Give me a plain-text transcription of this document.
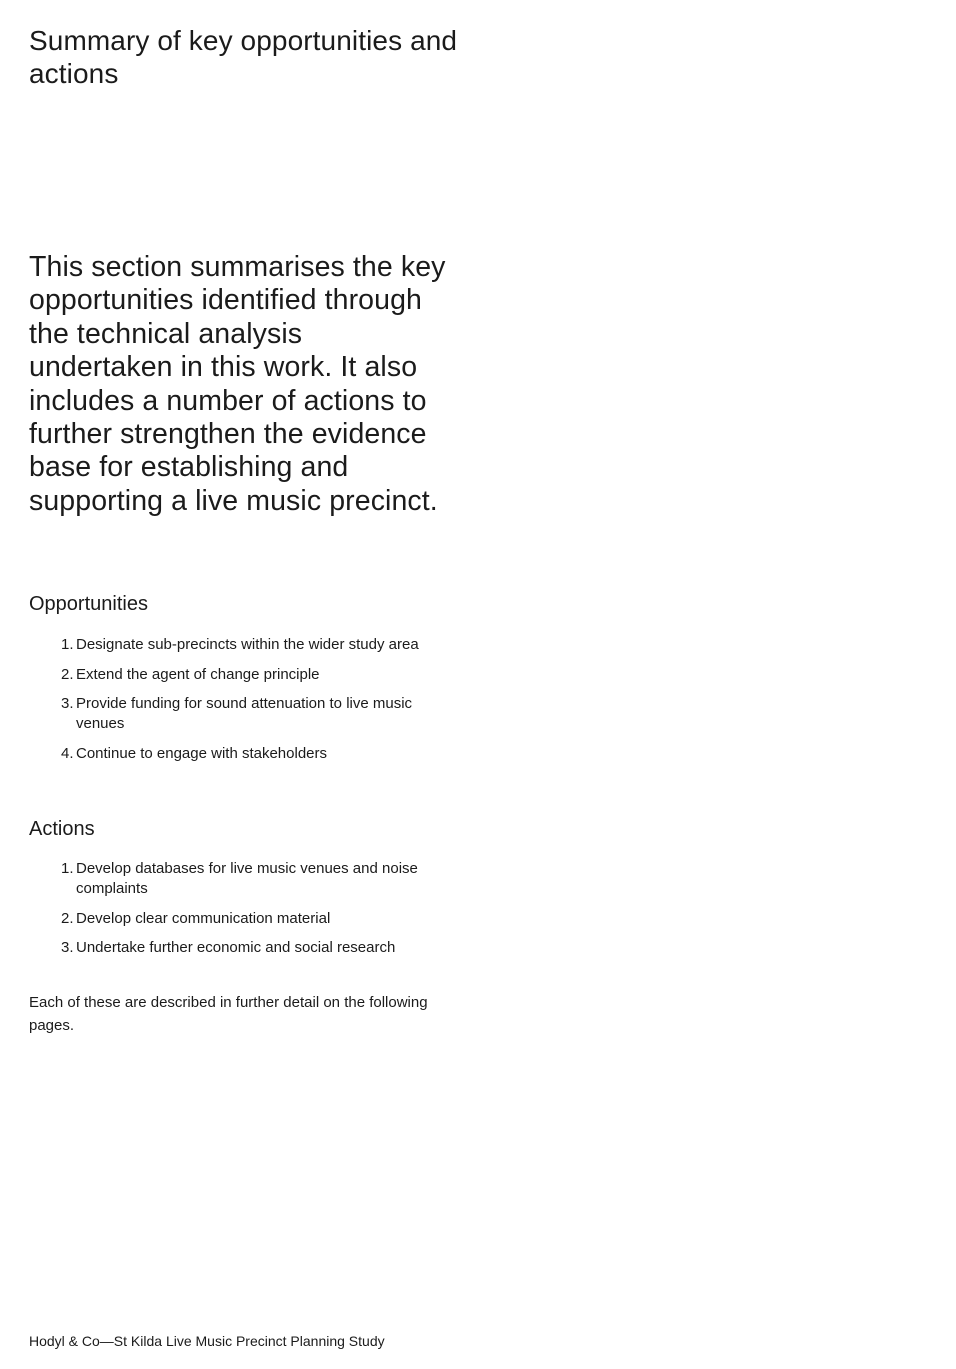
Summary of key opportunities and actions

This section summarises the key opportunities identified through the technical analysis undertaken in this work. It also includes a number of actions to further strengthen the evidence base for establishing and supporting a live music precinct.

Opportunities
1. Designate sub-precincts within the wider study area
2. Extend the agent of change principle
3. Provide funding for sound attenuation to live music venues
4. Continue to engage with stakeholders
Actions
1. Develop databases for live music venues and noise complaints
2. Develop clear communication material
3. Undertake further economic and social research

Each of these are described in further detail on the following pages.

Hodyl & Co—St Kilda Live Music Precinct Planning Study
